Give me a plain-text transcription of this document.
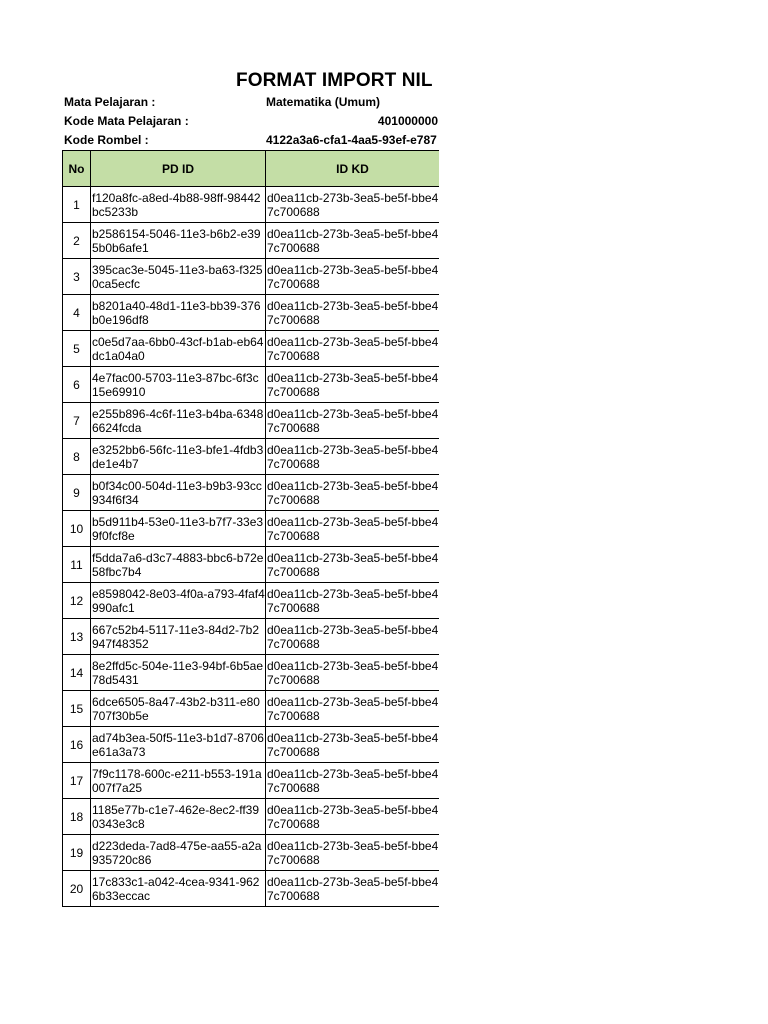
FORMAT IMPORT NIL
Mata Pelajaran :	Matematika (Umum)
Kode Mata Pelajaran :	401000000
Kode Rombel :	4122a3a6-cfa1-4aa5-93ef-e787
No	PD ID	ID KD
1	f120a8fc-a8ed-4b88-98ff-98442bc5233b	d0ea11cb-273b-3ea5-be5f-bbe47c700688
2	b2586154-5046-11e3-b6b2-e395b0b6afe1	d0ea11cb-273b-3ea5-be5f-bbe47c700688
3	395cac3e-5045-11e3-ba63-f3250ca5ecfc	d0ea11cb-273b-3ea5-be5f-bbe47c700688
4	b8201a40-48d1-11e3-bb39-376b0e196df8	d0ea11cb-273b-3ea5-be5f-bbe47c700688
5	c0e5d7aa-6bb0-43cf-b1ab-eb64dc1a04a0	d0ea11cb-273b-3ea5-be5f-bbe47c700688
6	4e7fac00-5703-11e3-87bc-6f3c15e69910	d0ea11cb-273b-3ea5-be5f-bbe47c700688
7	e255b896-4c6f-11e3-b4ba-63486624fcda	d0ea11cb-273b-3ea5-be5f-bbe47c700688
8	e3252bb6-56fc-11e3-bfe1-4fdb3de1e4b7	d0ea11cb-273b-3ea5-be5f-bbe47c700688
9	b0f34c00-504d-11e3-b9b3-93cc934f6f34	d0ea11cb-273b-3ea5-be5f-bbe47c700688
10	b5d911b4-53e0-11e3-b7f7-33e39f0fcf8e	d0ea11cb-273b-3ea5-be5f-bbe47c700688
11	f5dda7a6-d3c7-4883-bbc6-b72e58fbc7b4	d0ea11cb-273b-3ea5-be5f-bbe47c700688
12	e8598042-8e03-4f0a-a793-4faf4990afc1	d0ea11cb-273b-3ea5-be5f-bbe47c700688
13	667c52b4-5117-11e3-84d2-7b2947f48352	d0ea11cb-273b-3ea5-be5f-bbe47c700688
14	8e2ffd5c-504e-11e3-94bf-6b5ae78d5431	d0ea11cb-273b-3ea5-be5f-bbe47c700688
15	6dce6505-8a47-43b2-b311-e80707f30b5e	d0ea11cb-273b-3ea5-be5f-bbe47c700688
16	ad74b3ea-50f5-11e3-b1d7-8706e61a3a73	d0ea11cb-273b-3ea5-be5f-bbe47c700688
17	7f9c1178-600c-e211-b553-191a007f7a25	d0ea11cb-273b-3ea5-be5f-bbe47c700688
18	1185e77b-c1e7-462e-8ec2-ff390343e3c8	d0ea11cb-273b-3ea5-be5f-bbe47c700688
19	d223deda-7ad8-475e-aa55-a2a935720c86	d0ea11cb-273b-3ea5-be5f-bbe47c700688
20	17c833c1-a042-4cea-9341-9626b33eccac	d0ea11cb-273b-3ea5-be5f-bbe47c700688
